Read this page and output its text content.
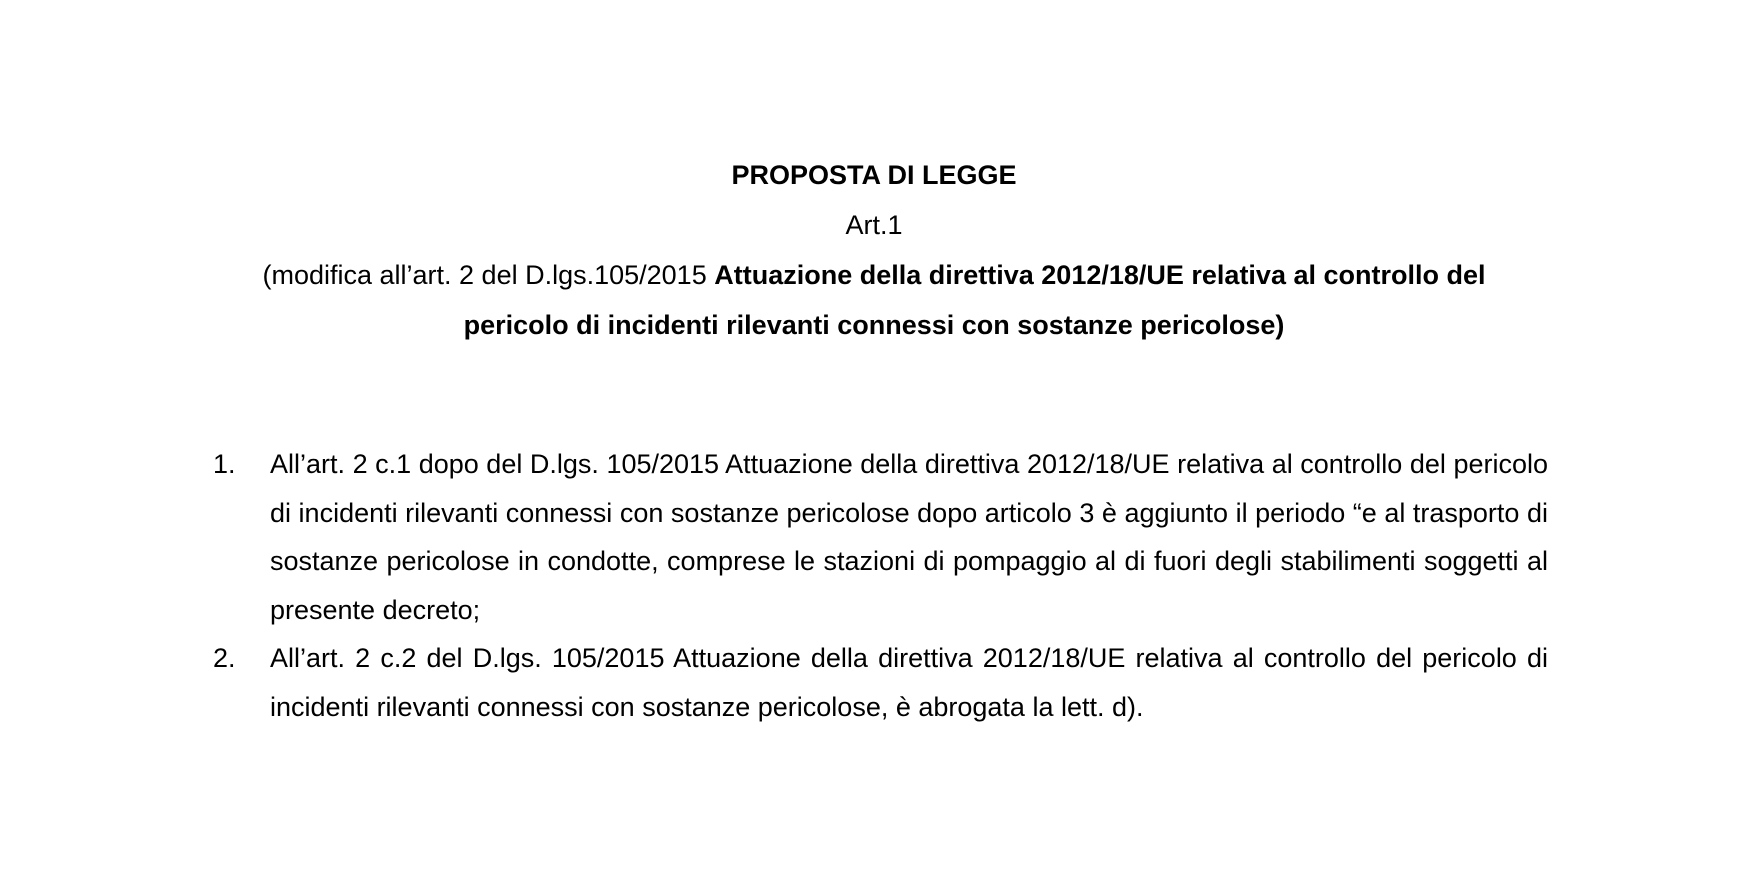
PROPOSTA DI LEGGE
Art.1
(modifica all’art. 2 del D.lgs.105/2015 Attuazione della direttiva 2012/18/UE relativa al controllo del pericolo di incidenti rilevanti connessi con sostanze pericolose)
1. All’art. 2 c.1 dopo del D.lgs. 105/2015 Attuazione della direttiva 2012/18/UE relativa al controllo del pericolo di incidenti rilevanti connessi con sostanze pericolose dopo articolo 3 è aggiunto il periodo “e al trasporto di sostanze pericolose in condotte, comprese le stazioni di pompaggio al di fuori degli stabilimenti soggetti al presente decreto;
2. All’art. 2 c.2 del D.lgs. 105/2015 Attuazione della direttiva 2012/18/UE relativa al controllo del pericolo di incidenti rilevanti connessi con sostanze pericolose, è abrogata la lett. d).
